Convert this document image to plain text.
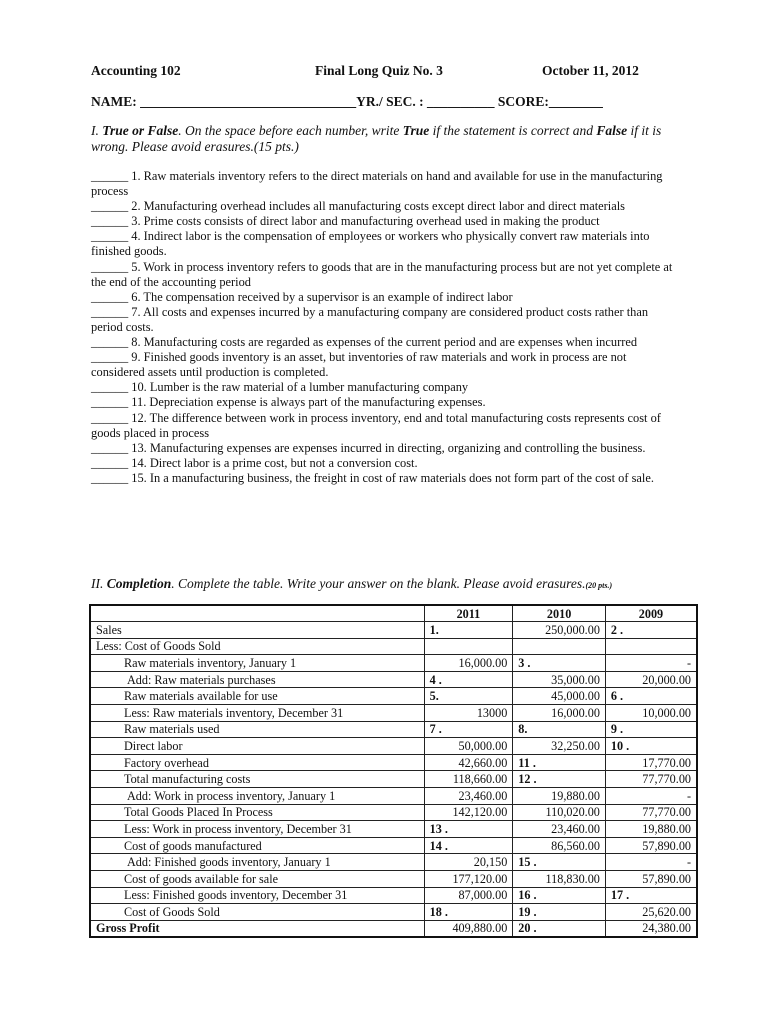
Accounting 102	Final Long Quiz No. 3	October 11, 2012
NAME: ________________________________YR./ SEC. : __________ SCORE:________
I. True or False. On the space before each number, write True if the statement is correct and False if it is wrong. Please avoid erasures.(15 pts.)
______ 1. Raw materials inventory refers to the direct materials on hand and available for use in the manufacturing process
______ 2. Manufacturing overhead includes all manufacturing costs except direct labor and direct materials
______ 3. Prime costs consists of direct labor and manufacturing overhead used in making the product
______ 4. Indirect labor is the compensation of employees or workers who physically convert raw materials into finished goods.
______ 5. Work in process inventory refers to goods that are in the manufacturing process but are not yet complete at the end of the accounting period
______ 6. The compensation received by a supervisor is an example of indirect labor
______ 7. All costs and expenses incurred by a manufacturing company are considered product costs rather than period costs.
______ 8. Manufacturing costs are regarded as expenses of the current period and are expenses when incurred
______ 9. Finished goods inventory is an asset, but inventories of raw materials and work in process are not considered assets until production is completed.
______ 10. Lumber is the raw material of a lumber manufacturing company
______ 11. Depreciation expense is always part of the manufacturing expenses.
______ 12. The difference between work in process inventory, end and total manufacturing costs represents cost of goods placed in process
______ 13. Manufacturing expenses are expenses incurred in directing, organizing and controlling the business.
______ 14. Direct labor is a prime cost, but not a conversion cost.
______ 15. In a manufacturing business, the freight in cost of raw materials does not form part of the cost of sale.
II. Completion. Complete the table. Write your answer on the blank. Please avoid erasures.(20 pts.)
	2011	2010	2009
Sales	1.	250,000.00	2 .
Less: Cost of Goods Sold			
Raw materials inventory, January 1	16,000.00	3 .	-
Add: Raw materials purchases	4 .	35,000.00	20,000.00
Raw materials available for use	5.	45,000.00	6 .
Less: Raw materials inventory, December 31	13000	16,000.00	10,000.00
Raw materials used	7 .	8.	9 .
Direct labor	50,000.00	32,250.00	10 .
Factory overhead	42,660.00	11 .	17,770.00
Total manufacturing costs	118,660.00	12 .	77,770.00
Add: Work in process inventory, January 1	23,460.00	19,880.00	-
Total Goods Placed In Process	142,120.00	110,020.00	77,770.00
Less: Work in process inventory, December 31	13 .	23,460.00	19,880.00
Cost of goods manufactured	14 .	86,560.00	57,890.00
Add: Finished goods inventory, January 1	20,150	15 .	-
Cost of goods available for sale	177,120.00	118,830.00	57,890.00
Less: Finished goods inventory, December 31	87,000.00	16 .	17 .
Cost of Goods Sold	18 .	19 .	25,620.00
Gross Profit	409,880.00	20 .	24,380.00
